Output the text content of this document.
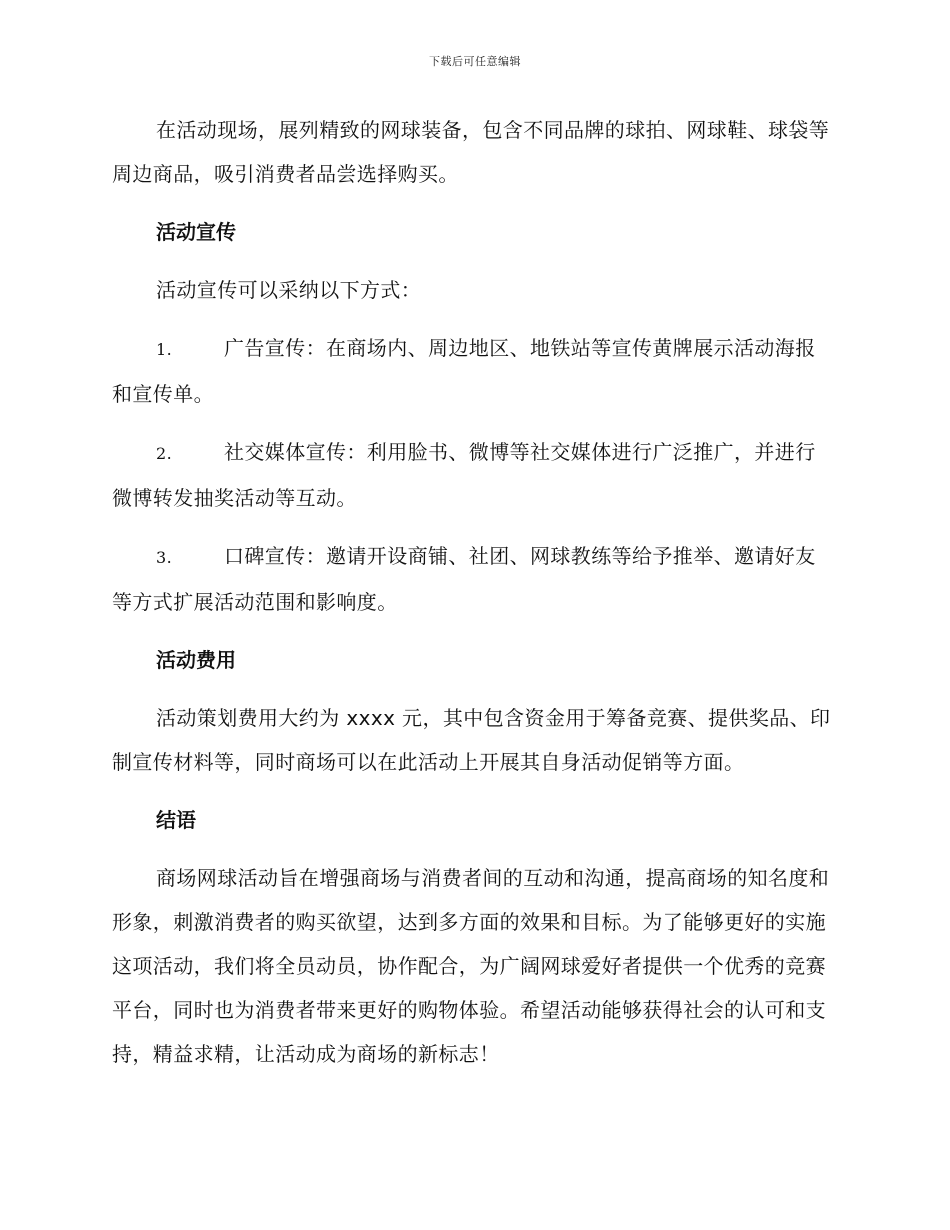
下载后可任意编辑

在活动现场，展列精致的网球装备，包含不同品牌的球拍、网球鞋、球袋等周边商品，吸引消费者品尝选择购买。

活动宣传

活动宣传可以采纳以下方式：

1.	广告宣传：在商场内、周边地区、地铁站等宣传黄牌展示活动海报和宣传单。
2.	社交媒体宣传：利用脸书、微博等社交媒体进行广泛推广，并进行微博转发抽奖活动等互动。
3.	口碑宣传：邀请开设商铺、社团、网球教练等给予推举、邀请好友等方式扩展活动范围和影响度。
活动费用

活动策划费用大约为 xxxx 元，其中包含资金用于筹备竞赛、提供奖品、印制宣传材料等，同时商场可以在此活动上开展其自身活动促销等方面。

结语

商场网球活动旨在增强商场与消费者间的互动和沟通，提高商场的知名度和形象，刺激消费者的购买欲望，达到多方面的效果和目标。为了能够更好的实施这项活动，我们将全员动员，协作配合，为广阔网球爱好者提供一个优秀的竞赛平台，同时也为消费者带来更好的购物体验。希望活动能够获得社会的认可和支持，精益求精，让活动成为商场的新标志！
